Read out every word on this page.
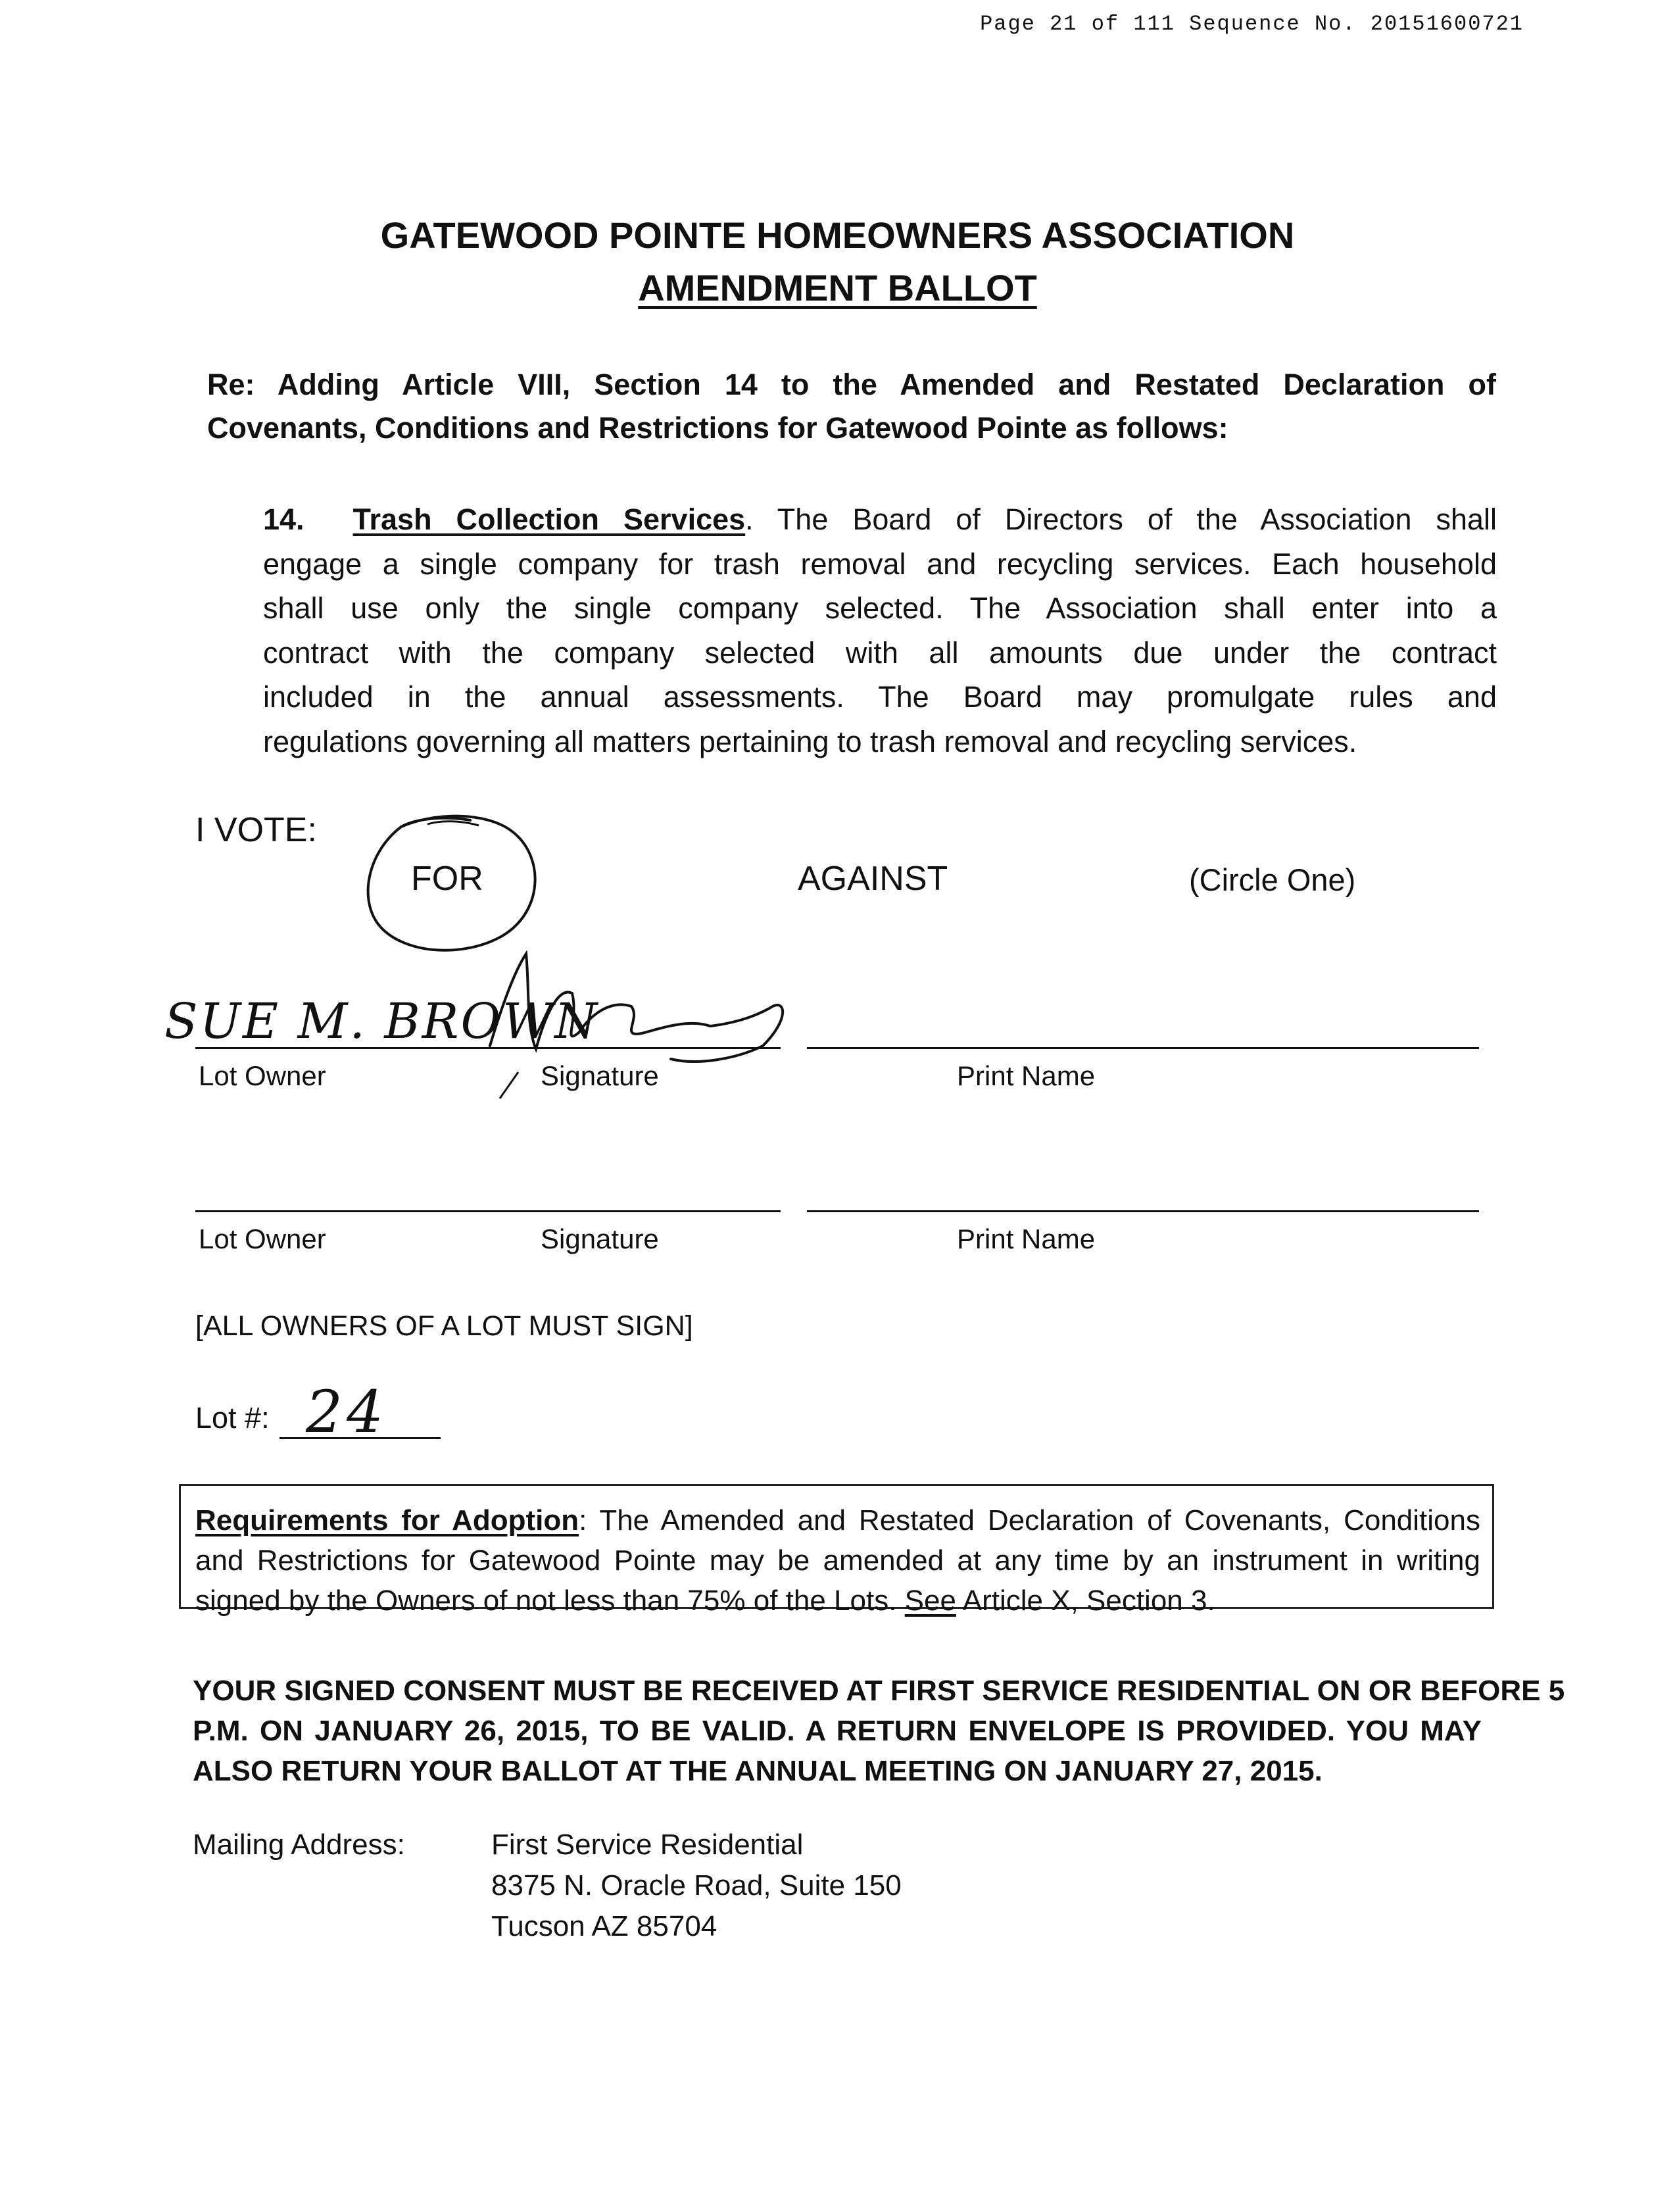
Page 21 of 111 Sequence No. 20151600721
GATEWOOD POINTE HOMEOWNERS ASSOCIATION
AMENDMENT BALLOT
Re: Adding Article VIII, Section 14 to the Amended and Restated Declaration of
Covenants, Conditions and Restrictions for Gatewood Pointe as follows:
14. Trash Collection Services. The Board of Directors of the Association shall
engage a single company for trash removal and recycling services. Each household
shall use only the single company selected. The Association shall enter into a
contract with the company selected with all amounts due under the contract
included in the annual assessments. The Board may promulgate rules and
regulations governing all matters pertaining to trash removal and recycling services.
I VOTE:
FOR	AGAINST	(Circle One)
Lot Owner	Signature	Print Name
SUE M. BROWN
Lot Owner	Signature	Print Name
[ALL OWNERS OF A LOT MUST SIGN]
Lot #: 24
Requirements for Adoption: The Amended and Restated Declaration of Covenants, Conditions
and Restrictions for Gatewood Pointe may be amended at any time by an instrument in writing
signed by the Owners of not less than 75% of the Lots. See Article X, Section 3.
YOUR SIGNED CONSENT MUST BE RECEIVED AT FIRST SERVICE RESIDENTIAL ON OR BEFORE 5
P.M. ON JANUARY 26, 2015, TO BE VALID. A RETURN ENVELOPE IS PROVIDED. YOU MAY
ALSO RETURN YOUR BALLOT AT THE ANNUAL MEETING ON JANUARY 27, 2015.
Mailing Address:	First Service Residential
8375 N. Oracle Road, Suite 150
Tucson AZ 85704
